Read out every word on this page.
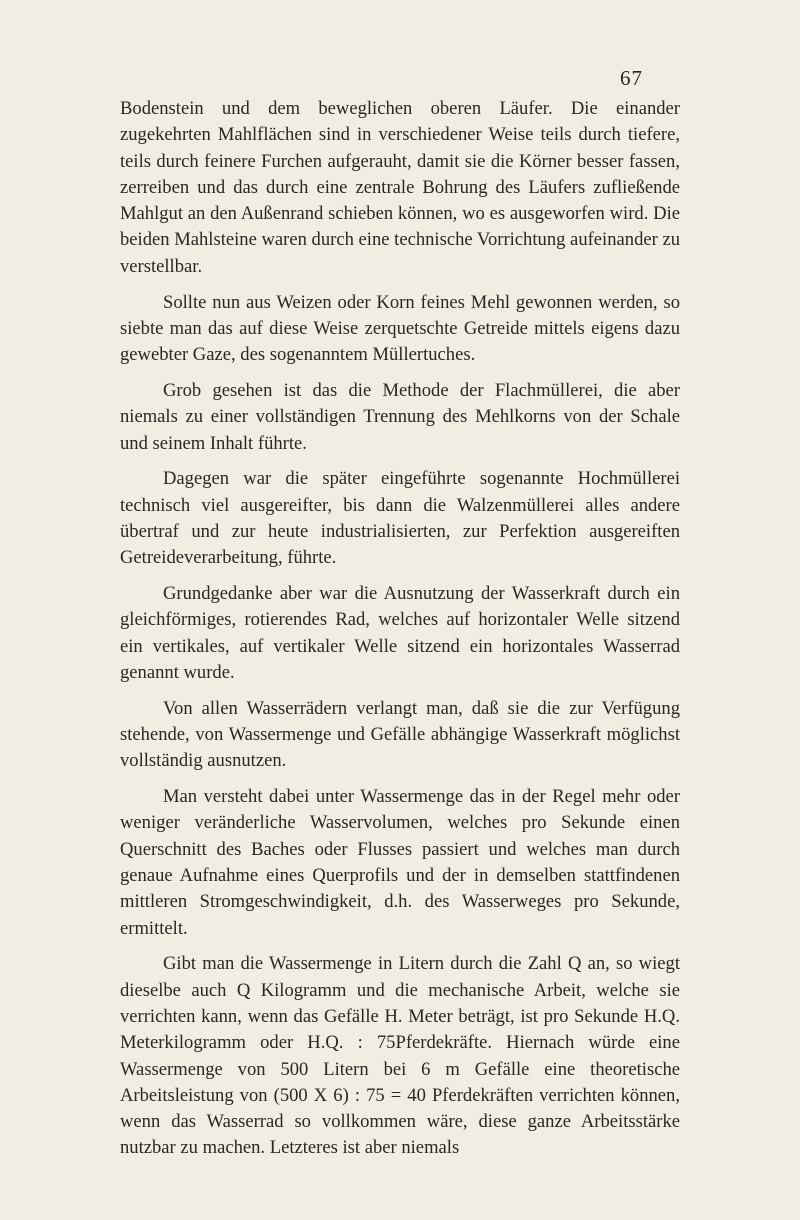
67

Bodenstein und dem beweglichen oberen Läufer. Die einander zugekehrten Mahlflächen sind in verschiedener Weise teils durch tiefere, teils durch feinere Furchen aufgerauht, damit sie die Körner besser fassen, zerreiben und das durch eine zentrale Bohrung des Läufers zufließende Mahlgut an den Außenrand schieben können, wo es ausgeworfen wird. Die beiden Mahlsteine waren durch eine technische Vorrichtung aufeinander zu verstellbar.

Sollte nun aus Weizen oder Korn feines Mehl gewonnen werden, so siebte man das auf diese Weise zerquetschte Getreide mittels eigens dazu gewebter Gaze, des sogenanntem Müllertuches.

Grob gesehen ist das die Methode der Flachmüllerei, die aber niemals zu einer vollständigen Trennung des Mehlkorns von der Schale und seinem Inhalt führte.

Dagegen war die später eingeführte sogenannte Hochmüllerei technisch viel ausgereifter, bis dann die Walzenmüllerei alles andere übertraf und zur heute industrialisierten, zur Perfektion ausgereiften Getreideverarbeitung, führte.

Grundgedanke aber war die Ausnutzung der Wasserkraft durch ein gleichförmiges, rotierendes Rad, welches auf horizontaler Welle sitzend ein vertikales, auf vertikaler Welle sitzend ein horizontales Wasserrad genannt wurde.

Von allen Wasserrädern verlangt man, daß sie die zur Verfügung stehende, von Wassermenge und Gefälle abhängige Wasserkraft möglichst vollständig ausnutzen.

Man versteht dabei unter Wassermenge das in der Regel mehr oder weniger veränderliche Wasservolumen, welches pro Sekunde einen Querschnitt des Baches oder Flusses passiert und welches man durch genaue Aufnahme eines Querprofils und der in demselben stattfindenen mittleren Stromgeschwindigkeit, d.h. des Wasserweges pro Sekunde, ermittelt.

Gibt man die Wassermenge in Litern durch die Zahl Q an, so wiegt dieselbe auch Q Kilogramm und die mechanische Arbeit, welche sie verrichten kann, wenn das Gefälle H. Meter beträgt, ist pro Sekunde H.Q. Meterkilogramm oder H.Q. : 75Pferdekräfte. Hiernach würde eine Wassermenge von 500 Litern bei 6 m Gefälle eine theoretische Arbeitsleistung von (500 X 6) : 75 = 40 Pferdekräften verrichten können, wenn das Wasserrad so vollkommen wäre, diese ganze Arbeitsstärke nutzbar zu machen. Letzteres ist aber niemals
